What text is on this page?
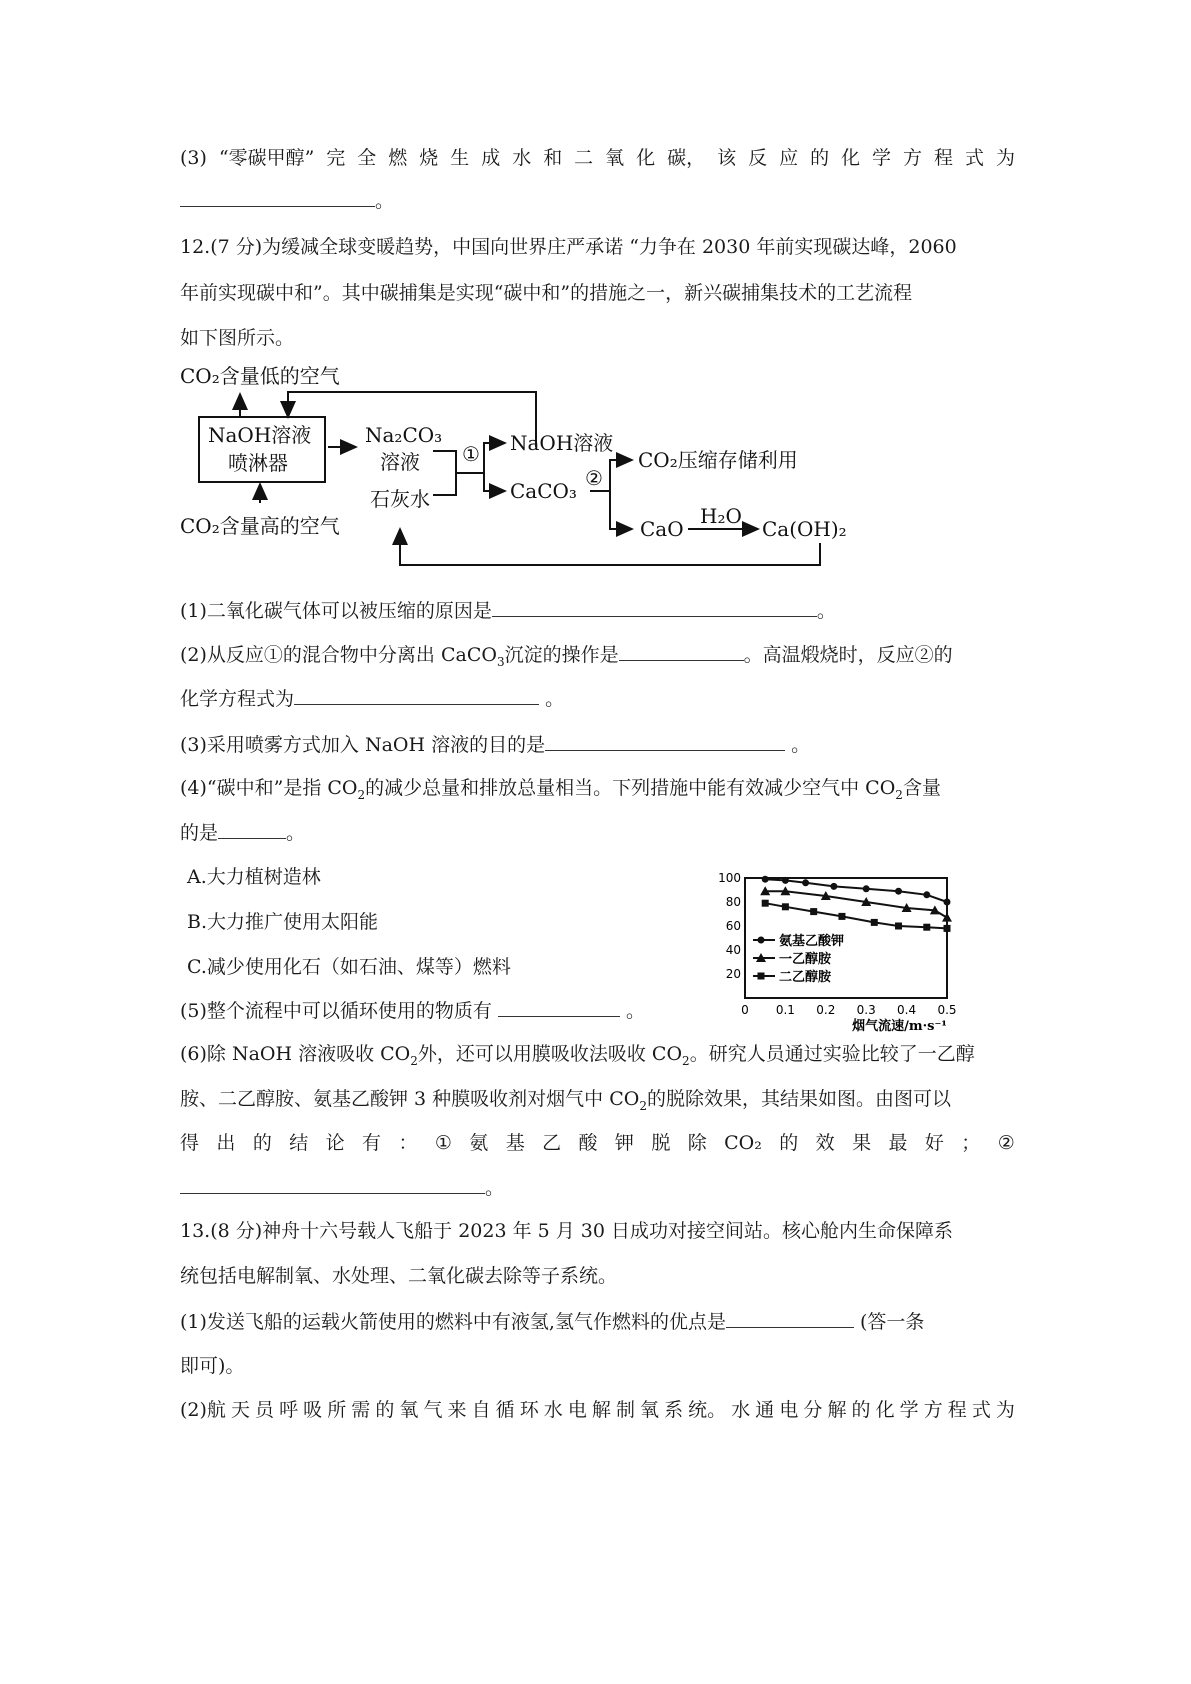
(3) “零碳甲醇” 完 全 燃 烧 生 成 水 和 二 氧 化 碳， 该 反 应 的 化 学 方 程 式 为
。
12.(7 分)为缓减全球变暖趋势，中国向世界庄严承诺 “力争在 2030 年前实现碳达峰，2060
年前实现碳中和”。其中碳捕集是实现“碳中和”的措施之一，新兴碳捕集技术的工艺流程
如下图所示。
CO₂含量低的空气
NaOH溶液
喷淋器
CO₂含量高的空气
Na₂CO₃
溶液
石灰水
① NaOH溶液
CaCO₃
②
CO₂压缩存储利用
CaO
H₂O
Ca(OH)₂
(1)二氧化碳气体可以被压缩的原因是	。
(2)从反应①的混合物中分离出 CaCO$_3$沉淀的操作是	。高温煅烧时，反应②的
化学方程式为	。
(3)采用喷雾方式加入 NaOH 溶液的目的是	。
(4)“碳中和”是指 $CO_2$的减少总量和排放总量相当。下列措施中能有效减少空气中 $CO_2$含量
的是	。
A.大力植树造林
B.大力推广使用太阳能
C.减少使用化石（如石油、煤等）燃料
(5)整个流程中可以循环使用的物质有	。
20
40
60
80
100
0 0.1 0.2 0.3 0.4 0.5
烟气流速/m·s⁻¹
氨基乙酸钾
一乙醇胺
二乙醇胺
(6)除 NaOH 溶液吸收 $CO_2$外，还可以用膜吸收法吸收 $CO_2$。研究人员通过实验比较了一乙醇
胺、二乙醇胺、氨基乙酸钾 3 种膜吸收剂对烟气中 $CO_2$的脱除效果，其结果如图。由图可以
得 出 的 结 论 有 ： ① 氨 基 乙 酸 钾 脱 除 CO₂ 的 效 果 最 好 ； ②
。
13.(8 分)神舟十六号载人飞船于 2023 年 5 月 30 日成功对接空间站。核心舱内生命保障系
统包括电解制氧、水处理、二氧化碳去除等子系统。
(1)发送飞船的运载火箭使用的燃料中有液氢,氢气作燃料的优点是	(答一条
即可)。
(2)航 天 员 呼 吸 所 需 的 氧 气 来 自 循 环 水 电 解 制 氧 系 统。 水 通 电 分 解 的 化 学 方 程 式 为
